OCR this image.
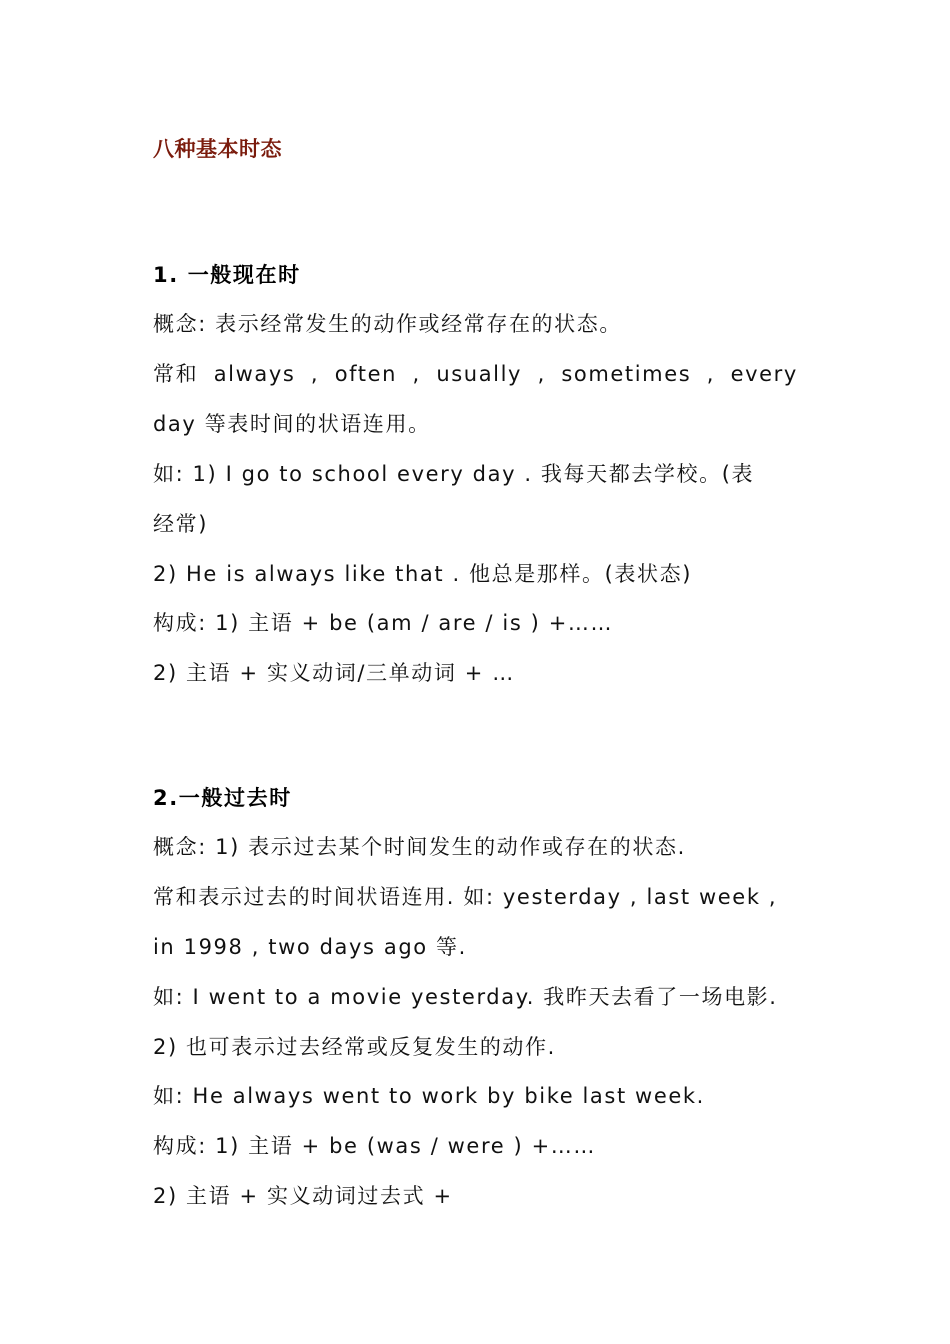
八种基本时态
1. 一般现在时
概念: 表示经常发生的动作或经常存在的状态。
常和 always , often , usually , sometimes , every
day 等表时间的状语连用。
如: 1) I go to school every day . 我每天都去学校。(表
经常)
2) He is always like that . 他总是那样。(表状态)
构成: 1) 主语 + be (am / are / is ) +……
2) 主语 + 实义动词/三单动词 + …
2.一般过去时
概念: 1) 表示过去某个时间发生的动作或存在的状态.
常和表示过去的时间状语连用. 如: yesterday , last week ,
in 1998 , two days ago 等.
如: I went to a movie yesterday. 我昨天去看了一场电影.
2) 也可表示过去经常或反复发生的动作.
如: He always went to work by bike last week.
构成: 1) 主语 + be (was / were ) +……
2) 主语 + 实义动词过去式 +
